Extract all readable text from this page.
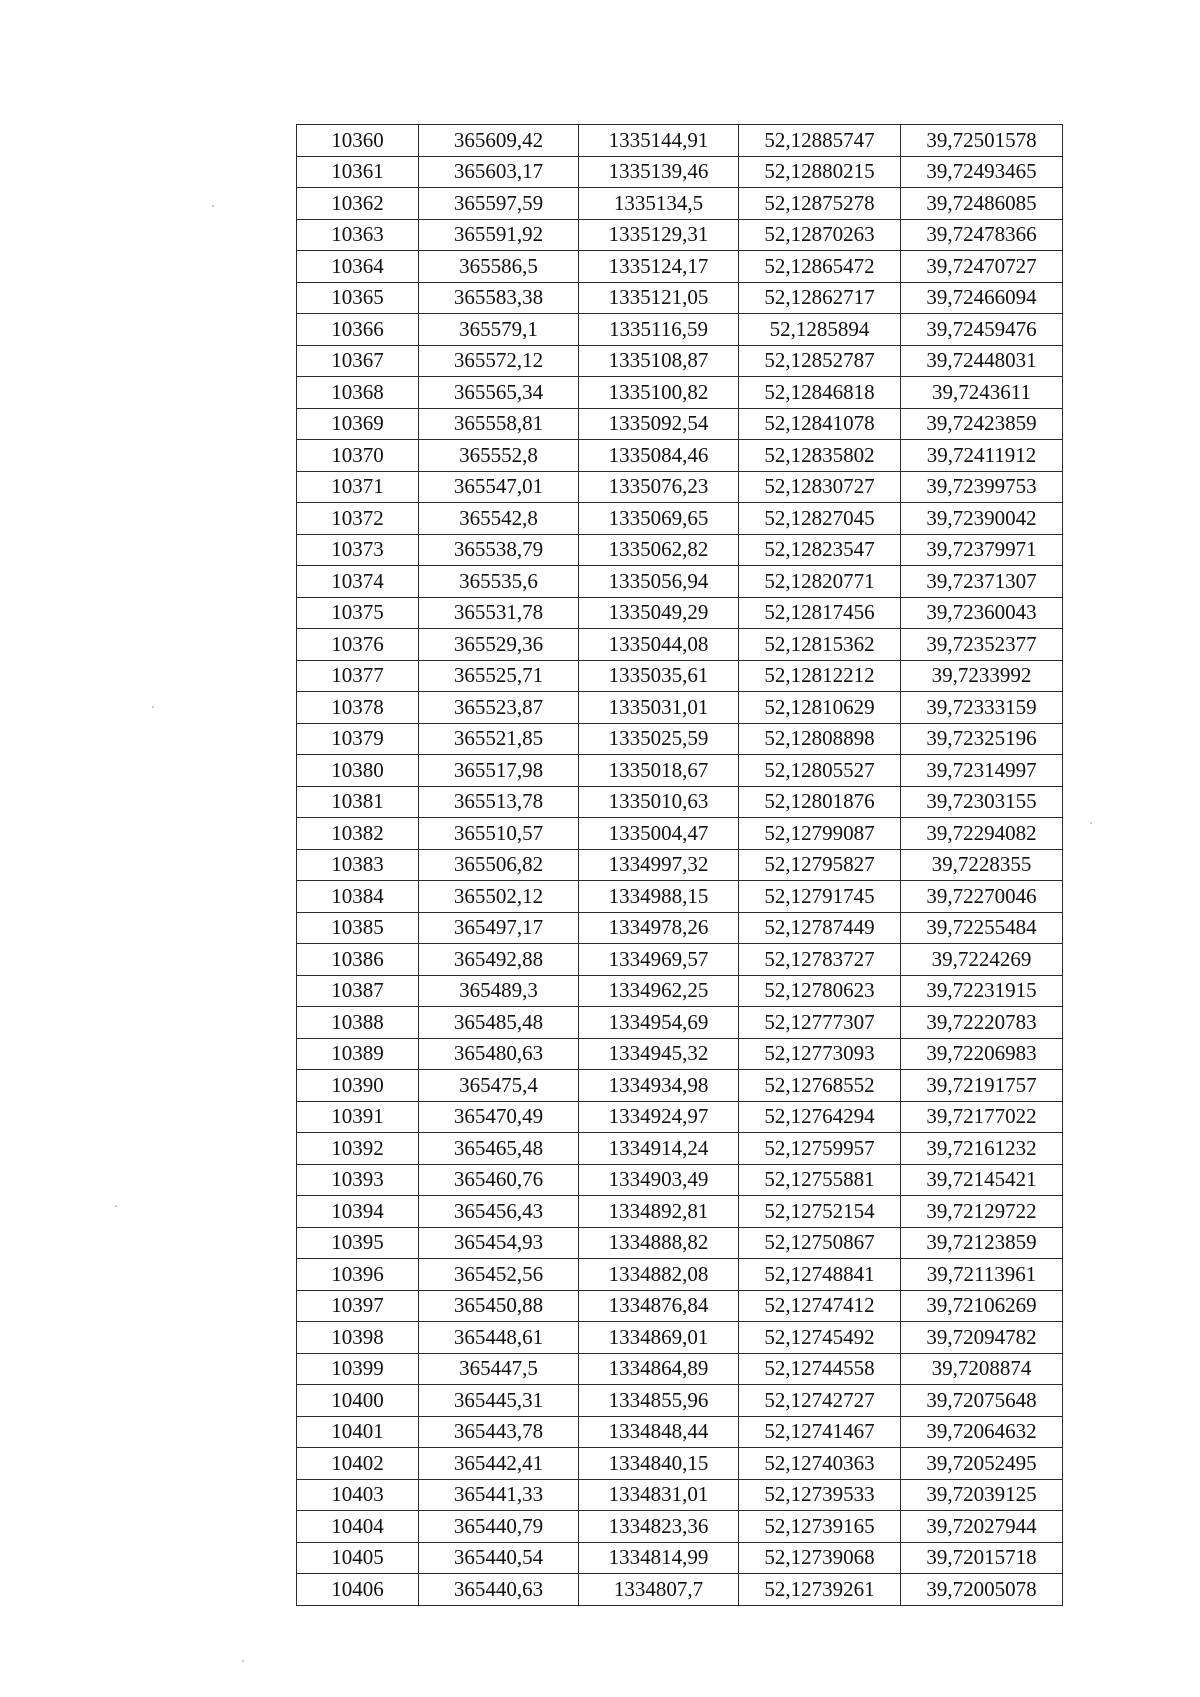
10360	365609,42	1335144,91	52,12885747	39,72501578
10361	365603,17	1335139,46	52,12880215	39,72493465
10362	365597,59	1335134,5	52,12875278	39,72486085
10363	365591,92	1335129,31	52,12870263	39,72478366
10364	365586,5	1335124,17	52,12865472	39,72470727
10365	365583,38	1335121,05	52,12862717	39,72466094
10366	365579,1	1335116,59	52,1285894	39,72459476
10367	365572,12	1335108,87	52,12852787	39,72448031
10368	365565,34	1335100,82	52,12846818	39,7243611
10369	365558,81	1335092,54	52,12841078	39,72423859
10370	365552,8	1335084,46	52,12835802	39,72411912
10371	365547,01	1335076,23	52,12830727	39,72399753
10372	365542,8	1335069,65	52,12827045	39,72390042
10373	365538,79	1335062,82	52,12823547	39,72379971
10374	365535,6	1335056,94	52,12820771	39,72371307
10375	365531,78	1335049,29	52,12817456	39,72360043
10376	365529,36	1335044,08	52,12815362	39,72352377
10377	365525,71	1335035,61	52,12812212	39,7233992
10378	365523,87	1335031,01	52,12810629	39,72333159
10379	365521,85	1335025,59	52,12808898	39,72325196
10380	365517,98	1335018,67	52,12805527	39,72314997
10381	365513,78	1335010,63	52,12801876	39,72303155
10382	365510,57	1335004,47	52,12799087	39,72294082
10383	365506,82	1334997,32	52,12795827	39,7228355
10384	365502,12	1334988,15	52,12791745	39,72270046
10385	365497,17	1334978,26	52,12787449	39,72255484
10386	365492,88	1334969,57	52,12783727	39,7224269
10387	365489,3	1334962,25	52,12780623	39,72231915
10388	365485,48	1334954,69	52,12777307	39,72220783
10389	365480,63	1334945,32	52,12773093	39,72206983
10390	365475,4	1334934,98	52,12768552	39,72191757
10391	365470,49	1334924,97	52,12764294	39,72177022
10392	365465,48	1334914,24	52,12759957	39,72161232
10393	365460,76	1334903,49	52,12755881	39,72145421
10394	365456,43	1334892,81	52,12752154	39,72129722
10395	365454,93	1334888,82	52,12750867	39,72123859
10396	365452,56	1334882,08	52,12748841	39,72113961
10397	365450,88	1334876,84	52,12747412	39,72106269
10398	365448,61	1334869,01	52,12745492	39,72094782
10399	365447,5	1334864,89	52,12744558	39,7208874
10400	365445,31	1334855,96	52,12742727	39,72075648
10401	365443,78	1334848,44	52,12741467	39,72064632
10402	365442,41	1334840,15	52,12740363	39,72052495
10403	365441,33	1334831,01	52,12739533	39,72039125
10404	365440,79	1334823,36	52,12739165	39,72027944
10405	365440,54	1334814,99	52,12739068	39,72015718
10406	365440,63	1334807,7	52,12739261	39,72005078
